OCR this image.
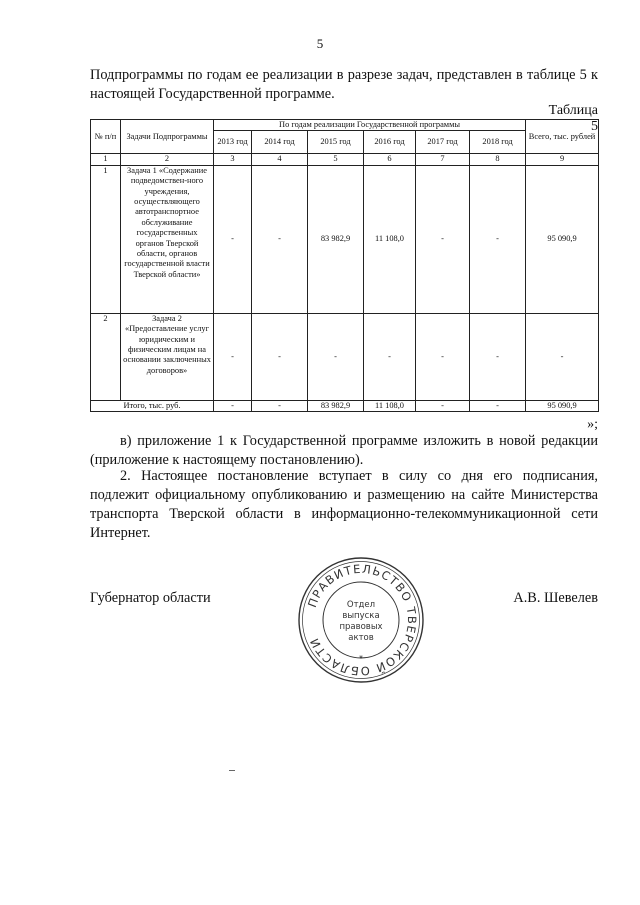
5
Подпрограммы по годам ее реализации в разрезе задач, представлен в таблице 5 к настоящей Государственной программе.
Таблица 5
№ п/п	Задачи Подпрограммы	По годам реализации Государственной программы						Всего, тыс. рублей
		2013 год	2014 год	2015 год	2016 год	2017 год	2018 год	
1	2	3	4	5	6	7	8	9
1	Задача 1 «Содержание подведомствен-ного учреждения, осуществляющего автотранспортное обслуживание государственных органов Тверской области, органов государственной власти Тверской области»	-	-	83 982,9	11 108,0	-	-	95 090,9
2	Задача 2 «Предоставление услуг юридическим и физическим лицам на основании заключенных договоров»	-	-	-	-	-	-	-
Итого, тыс. руб.		-	-	83 982,9	11 108,0	-	-	95 090,9
»;
в) приложение 1 к Государственной программе изложить в новой редакции (приложение к настоящему постановлению).
2. Настоящее постановление вступает в силу со дня его подписания, подлежит официальному опубликованию и размещению на сайте Министерства транспорта Тверской области в информационно-телекоммуникационной сети Интернет.
Губернатор области	А.В. Шевелев
ПРАВИТЕЛЬСТВО ТВЕРСКОЙ ОБЛАСТИ
*
Отдел
выпуска
правовых
актов
